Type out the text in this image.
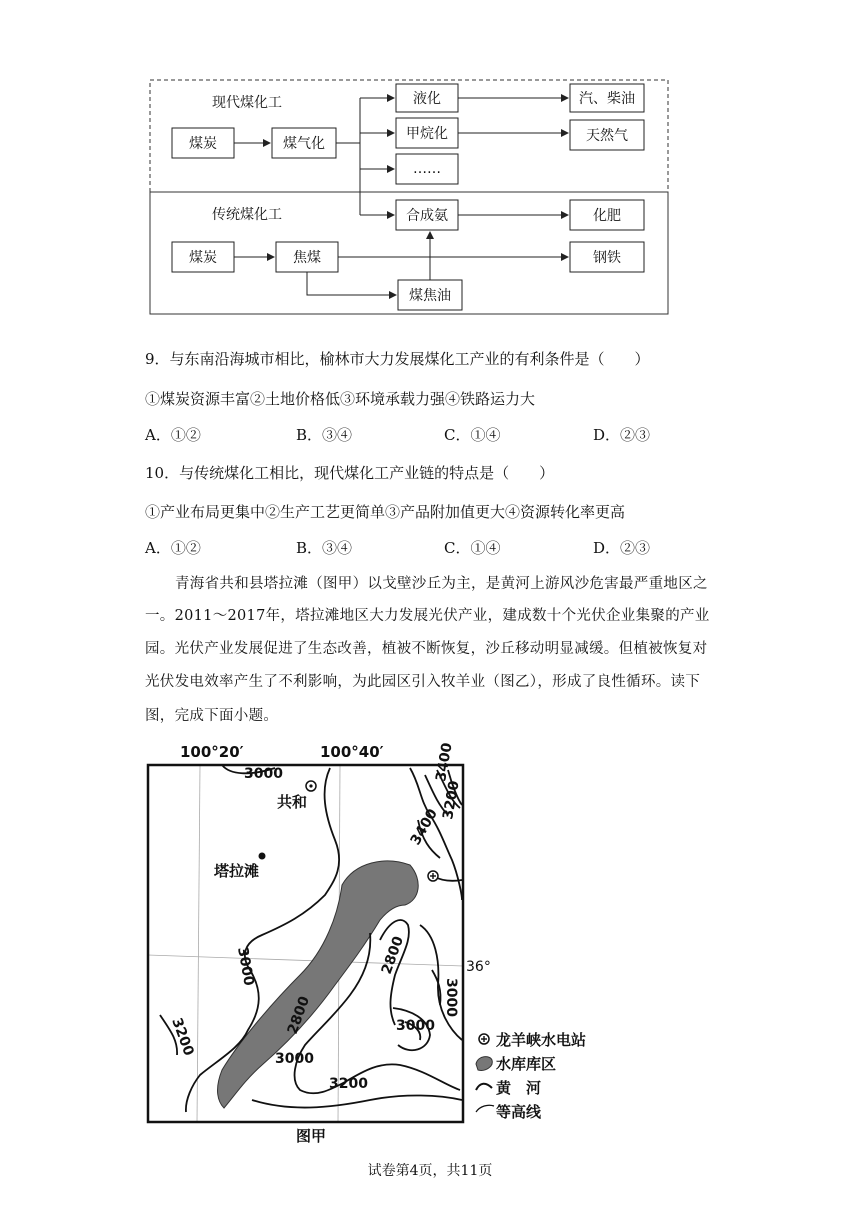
现代煤化工
传统煤化工
煤炭	煤气化
液化
甲烷化
……
汽、柴油
天然气
合成氨	化肥
煤炭	焦煤	钢铁
煤焦油
9．与东南沿海城市相比，榆林市大力发展煤化工产业的有利条件是（　　）
①煤炭资源丰富②土地价格低③环境承载力强④铁路运力大
A．①②	B．③④	C．①④	D．②③
10．与传统煤化工相比，现代煤化工产业链的特点是（　　）
①产业布局更集中②生产工艺更简单③产品附加值更大④资源转化率更高
A．①②	B．③④	C．①④	D．②③
青海省共和县塔拉滩（图甲）以戈壁沙丘为主，是黄河上游风沙危害最严重地区之
一。2011～2017年，塔拉滩地区大力发展光伏产业，建成数十个光伏企业集聚的产业
园。光伏产业发展促进了生态改善，植被不断恢复，沙丘移动明显减缓。但植被恢复对
光伏发电效率产生了不利影响，为此园区引入牧羊业（图乙），形成了良性循环。读下
图，完成下面小题。
100°20′	100°40′
3000	3400
3200
3400
3000	2800
2800	3000
3000
3200
3000
3200
36°
共和
塔拉滩
龙羊峡水电站
水库库区
黄　河
等高线
图甲
试卷第4页，共11页
